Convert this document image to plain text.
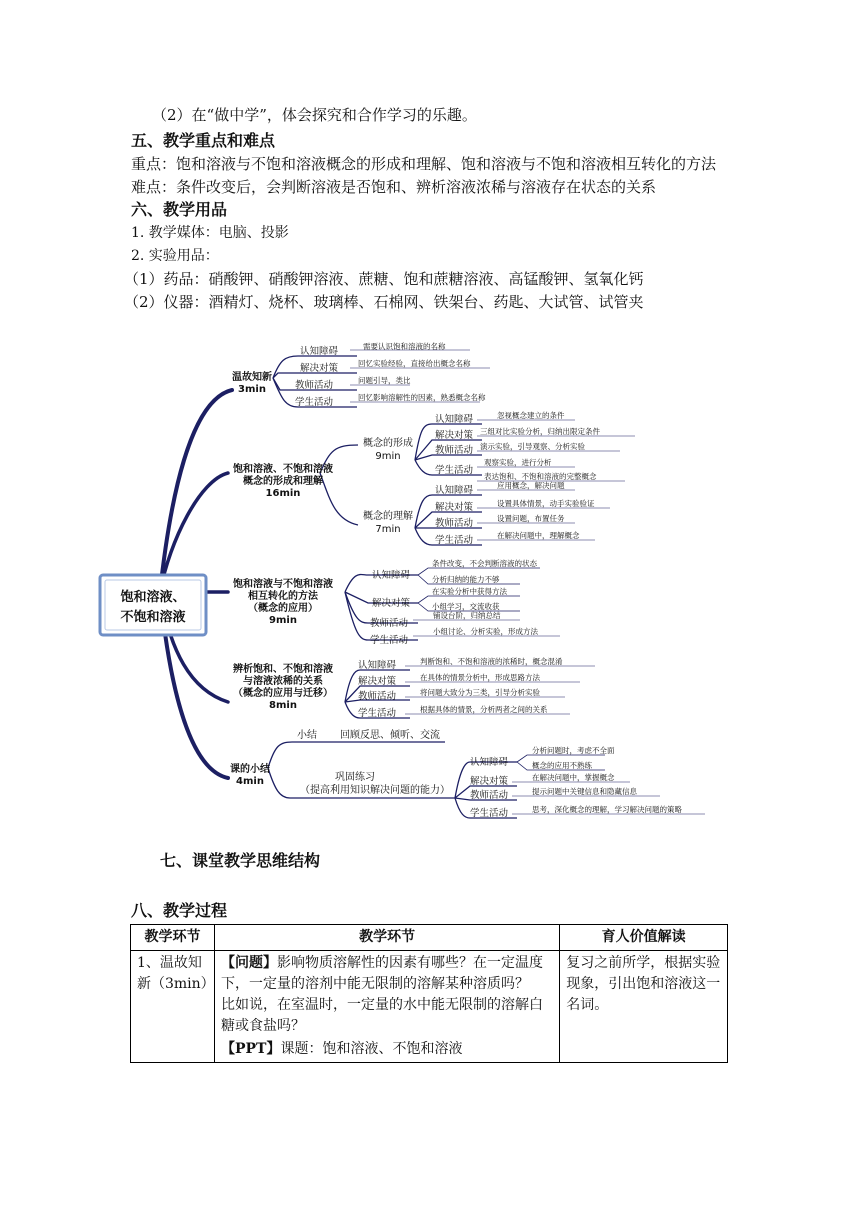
（2）在“做中学”，体会探究和合作学习的乐趣。
五、教学重点和难点
重点：饱和溶液与不饱和溶液概念的形成和理解、饱和溶液与不饱和溶液相互转化的方法
难点：条件改变后，会判断溶液是否饱和、辨析溶液浓稀与溶液存在状态的关系
六、教学用品
1. 教学媒体：电脑、投影
2. 实验用品：
（1）药品：硝酸钾、硝酸钾溶液、蔗糖、饱和蔗糖溶液、高锰酸钾、氢氧化钙
（2）仪器：酒精灯、烧杯、玻璃棒、石棉网、铁架台、药匙、大试管、试管夹
饱和溶液、
不饱和溶液
温故知新
3min
饱和溶液、不饱和溶液
概念的形成和理解
16min
饱和溶液与不饱和溶液
相互转化的方法
（概念的应用）
9min
辨析饱和、不饱和溶液
与溶液浓稀的关系
（概念的应用与迁移）
8min
课的小结
4min
概念的形成
9min
概念的理解
7min
小结 回顾反思、倾听、交流
巩固练习
（提高利用知识解决问题的能力）
认知障碍	需要认识饱和溶液的名称
解决对策	回忆实验经验，直接给出概念名称
教师活动	问题引导，类比
学生活动	回忆影响溶解性的因素，熟悉概念名称
认知障碍	忽视概念建立的条件
解决对策 三组对比实验分析，归纳出限定条件
教师活动 演示实验，引导观察、分析实验
学生活动
观察实验，进行分析
表达饱和、不饱和溶液的完整概念
认知障碍	应用概念，解决问题
解决对策	设置具体情景，动手实验验证
教师活动	设置问题，布置任务
学生活动	在解决问题中，理解概念
认知障碍
条件改变，不会判断溶液的状态
分析归纳的能力不够
解决对策
在实验分析中获得方法
小组学习，交流收获
教师活动
铺设台阶，归纳总结
学生活动
小组讨论、分析实验，形成方法
认知障碍	判断饱和、不饱和溶液的浓稀时，概念混淆
解决对策	在具体的情景分析中，形成思路方法
教师活动	将问题大致分为三类，引导分析实验
学生活动	根据具体的情景，分析两者之间的关系
认知障碍
分析问题时，考虑不全面
概念的应用不熟练
解决对策	在解决问题中，掌握概念
教师活动	提示问题中关键信息和隐藏信息
学生活动	思考，深化概念的理解，学习解决问题的策略
七、课堂教学思维结构
八、教学过程
教学环节	教学环节	育人价值解读
1、温故知新（3min）	【问题】影响物质溶解性的因素有哪些？在一定温度下，一定量的溶剂中能无限制的溶解某种溶质吗？
比如说，在室温时，一定量的水中能无限制的溶解白糖或食盐吗？
【PPT】课题：饱和溶液、不饱和溶液	复习之前所学，根据实验现象，引出饱和溶液这一名词。
